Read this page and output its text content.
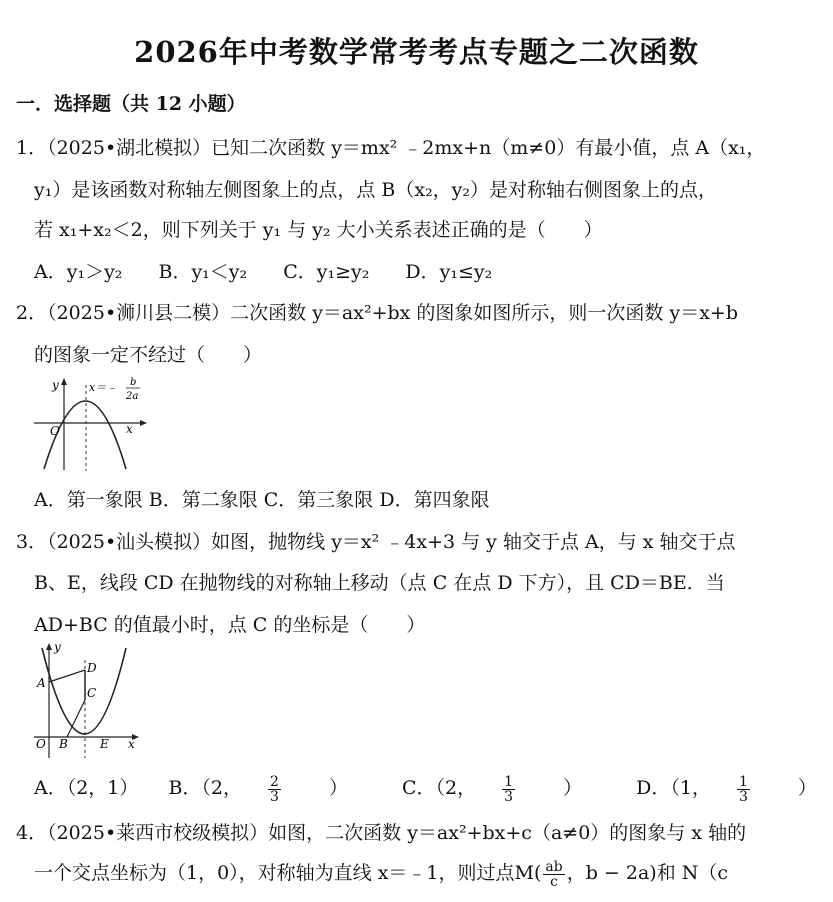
2026年中考数学常考考点专题之二次函数
一．选择题（共 12 小题）
1．（2025•湖北模拟）已知二次函数 y＝mx² ﹣2mx+n（m≠0）有最小值，点 A（x₁，
y₁）是该函数对称轴左侧图象上的点，点 B（x₂，y₂）是对称轴右侧图象上的点，
若 x₁+x₂＜2，则下列关于 y₁ 与 y₂ 大小关系表述正确的是（　　）
A．y₁＞y₂ B．y₁＜y₂ C．y₁≥y₂ D．y₁≤y₂
2．（2025•浉川县二模）二次函数 y＝ax²+bx 的图象如图所示，则一次函数 y＝x+b
的图象一定不经过（　　）
y
x
O
x＝﹣ b
2a
A．第一象限 B．第二象限 C．第三象限 D．第四象限
3．（2025•汕头模拟）如图，抛物线 y＝x² ﹣4x+3 与 y 轴交于点 A，与 x 轴交于点
B、E，线段 CD 在抛物线的对称轴上移动（点 C 在点 D 下方），且 CD＝BE．当
AD+BC 的值最小时，点 C 的坐标是（　　）
y
x
O
A
B
C
D
E
A．（2，1） B．（2， $\frac{2}{3}$ ）	C．（2， $\frac{1}{3}$ ）	D．（1， $\frac{1}{3}$ ）
4．（2025•莱西市校级模拟）如图，二次函数 y＝ax²+bx+c（a≠0）的图象与 x 轴的
一个交点坐标为（1，0），对称轴为直线 x＝﹣1，则过点$M( \frac{ab}{c}$ ，b − 2a)和 N（c
